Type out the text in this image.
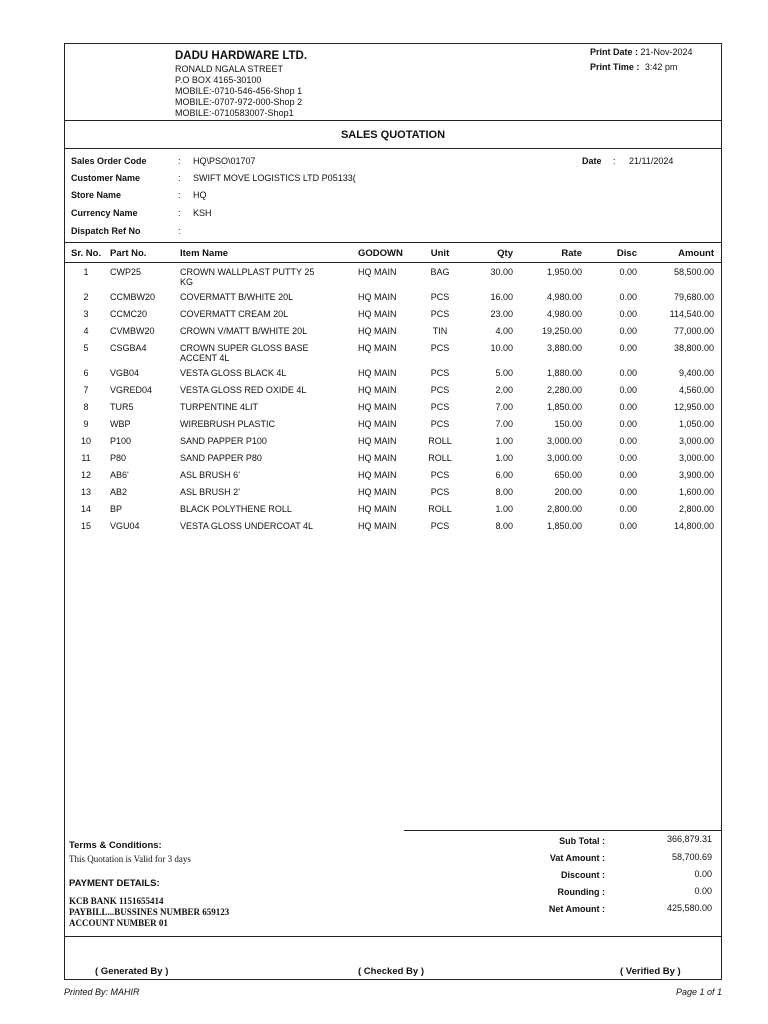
DADU HARDWARE LTD.
RONALD NGALA STREET
P.O BOX 4165-30100
MOBILE:-0710-546-456-Shop 1
MOBILE:-0707-972-000-Shop 2
MOBILE:-0710583007-Shop1
Print Date : 21-Nov-2024
Print Time : 3:42 pm
SALES QUOTATION
Sales Order Code	: HQ\PSO\01707	Date : 21/11/2024
Customer Name	: SWIFT MOVE LOGISTICS LTD P05133(
Store Name	: HQ
Currency Name	: KSH
Dispatch Ref No	:
Sr. No. Part No.	Item Name	GODOWN	Unit	Qty	Rate	Disc	Amount
1	CWP25	CROWN WALLPLAST PUTTY 25	HQ MAIN	BAG	30.00	1,950.00	0.00	58,500.00
KG
2	CCMBW20	COVERMATT B/WHITE 20L	HQ MAIN	PCS	16.00	4,980.00	0.00	79,680.00
3	CCMC20	COVERMATT CREAM 20L	HQ MAIN	PCS	23.00	4,980.00	0.00	114,540.00
4	CVMBW20	CROWN V/MATT B/WHITE 20L	HQ MAIN	TIN	4.00	19,250.00	0.00	77,000.00
5	CSGBA4	CROWN SUPER GLOSS BASE	HQ MAIN	PCS	10.00	3,880.00	0.00	38,800.00
ACCENT 4L
6	VGB04	VESTA GLOSS BLACK 4L	HQ MAIN	PCS	5.00	1,880.00	0.00	9,400.00
7	VGRED04	VESTA GLOSS RED OXIDE 4L	HQ MAIN	PCS	2.00	2,280.00	0.00	4,560.00
8	TUR5	TURPENTINE 4LIT	HQ MAIN	PCS	7.00	1,850.00	0.00	12,950.00
9	WBP	WIREBRUSH PLASTIC	HQ MAIN	PCS	7.00	150.00	0.00	1,050.00
10	P100	SAND PAPPER P100	HQ MAIN	ROLL	1.00	3,000.00	0.00	3,000.00
11	P80	SAND PAPPER P80	HQ MAIN	ROLL	1.00	3,000.00	0.00	3,000.00
12	AB6'	ASL BRUSH 6'	HQ MAIN	PCS	6.00	650.00	0.00	3,900.00
13	AB2	ASL BRUSH 2'	HQ MAIN	PCS	8.00	200.00	0.00	1,600.00
14	BP	BLACK POLYTHENE ROLL	HQ MAIN	ROLL	1.00	2,800.00	0.00	2,800.00
15	VGU04	VESTA GLOSS UNDERCOAT 4L	HQ MAIN	PCS	8.00	1,850.00	0.00	14,800.00
Sub Total :	366,879.31
Vat Amount :	58,700.69
Discount :	0.00
Rounding :	0.00
Net Amount :	425,580.00
Terms & Conditions:
This Quotation is Valid for 3 days
PAYMENT DETAILS:
KCB BANK 1151655414
PAYBILL...BUSSINES NUMBER 659123
ACCOUNT NUMBER 01
( Generated By )	( Checked By )	( Verified By )
Printed By: MAHIR	Page 1 of 1
